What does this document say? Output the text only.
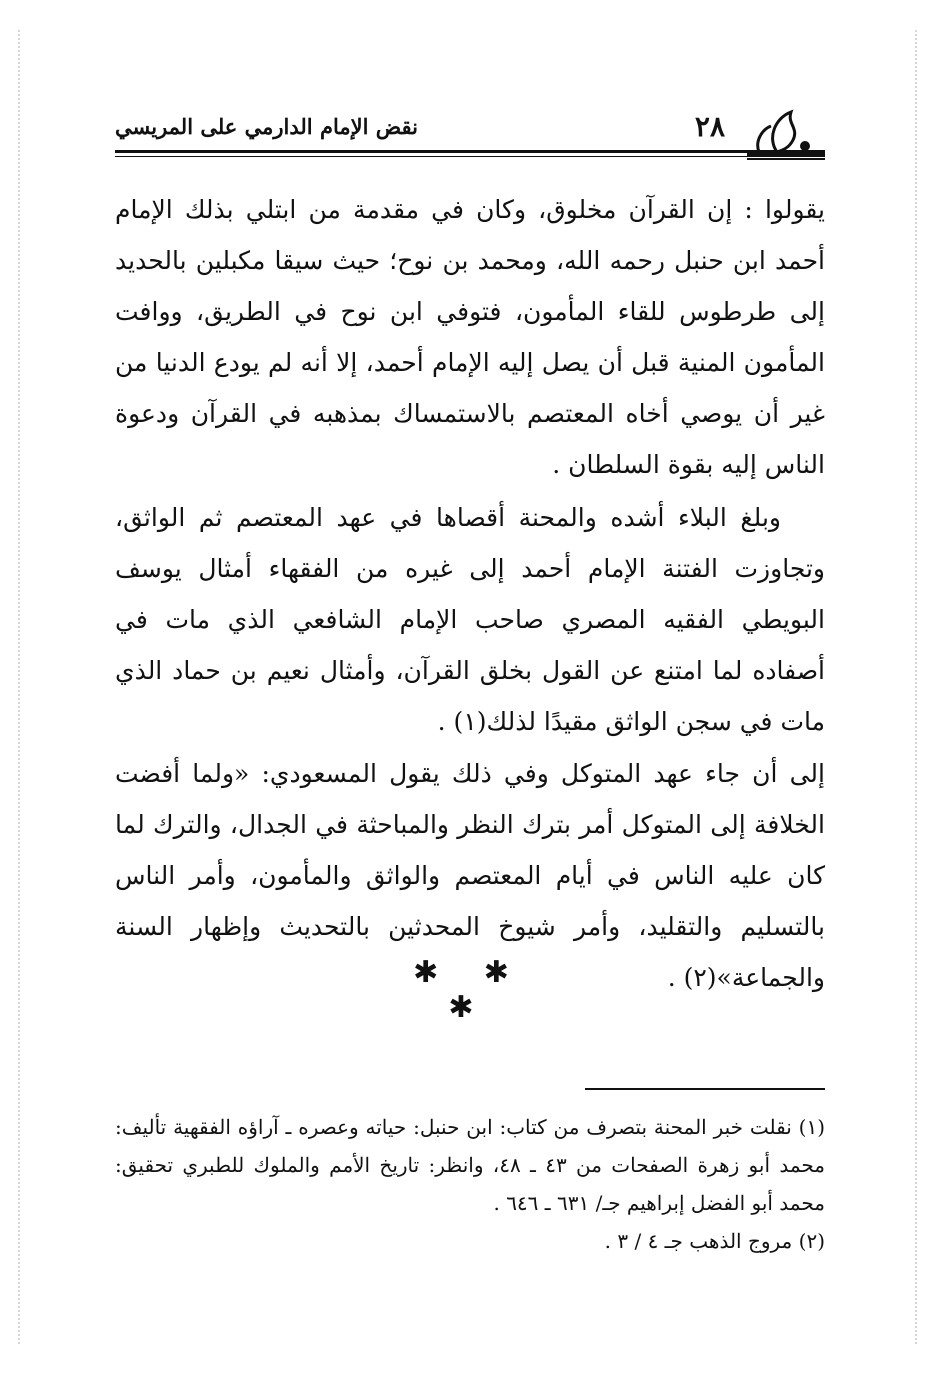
٢٨
نقض الإمام الدارمي على المريسي

يقولوا : إن القرآن مخلوق، وكان في مقدمة من ابتلي بذلك الإمام أحمد ابن حنبل رحمه الله، ومحمد بن نوح؛ حيث سيقا مكبلين بالحديد إلى طرطوس للقاء المأمون، فتوفي ابن نوح في الطريق، ووافت المأمون المنية قبل أن يصل إليه الإمام أحمد، إلا أنه لم يودع الدنيا من غير أن يوصي أخاه المعتصم بالاستمساك بمذهبه في القرآن ودعوة الناس إليه بقوة السلطان .

وبلغ البلاء أشده والمحنة أقصاها في عهد المعتصم ثم الواثق، وتجاوزت الفتنة الإمام أحمد إلى غيره من الفقهاء أمثال يوسف البويطي الفقيه المصري صاحب الإمام الشافعي الذي مات في أصفاده لما امتنع عن القول بخلق القرآن، وأمثال نعيم بن حماد الذي مات في سجن الواثق مقيدًا لذلك(١) .

إلى أن جاء عهد المتوكل وفي ذلك يقول المسعودي: «ولما أفضت الخلافة إلى المتوكل أمر بترك النظر والمباحثة في الجدال، والترك لما كان عليه الناس في أيام المعتصم والواثق والمأمون، وأمر الناس بالتسليم والتقليد، وأمر شيوخ المحدثين بالتحديث وإظهار السنة والجماعة»(٢) .

✱ ✱ ✱

(١) نقلت خبر المحنة بتصرف من كتاب: ابن حنبل: حياته وعصره ـ آراؤه الفقهية تأليف: محمد أبو زهرة الصفحات من ٤٣ ـ ٤٨، وانظر: تاريخ الأمم والملوك للطبري تحقيق: محمد أبو الفضل إبراهيم جـ/ ٦٣١ ـ ٦٤٦ .

(٢) مروج الذهب جـ ٤ / ٣ .
